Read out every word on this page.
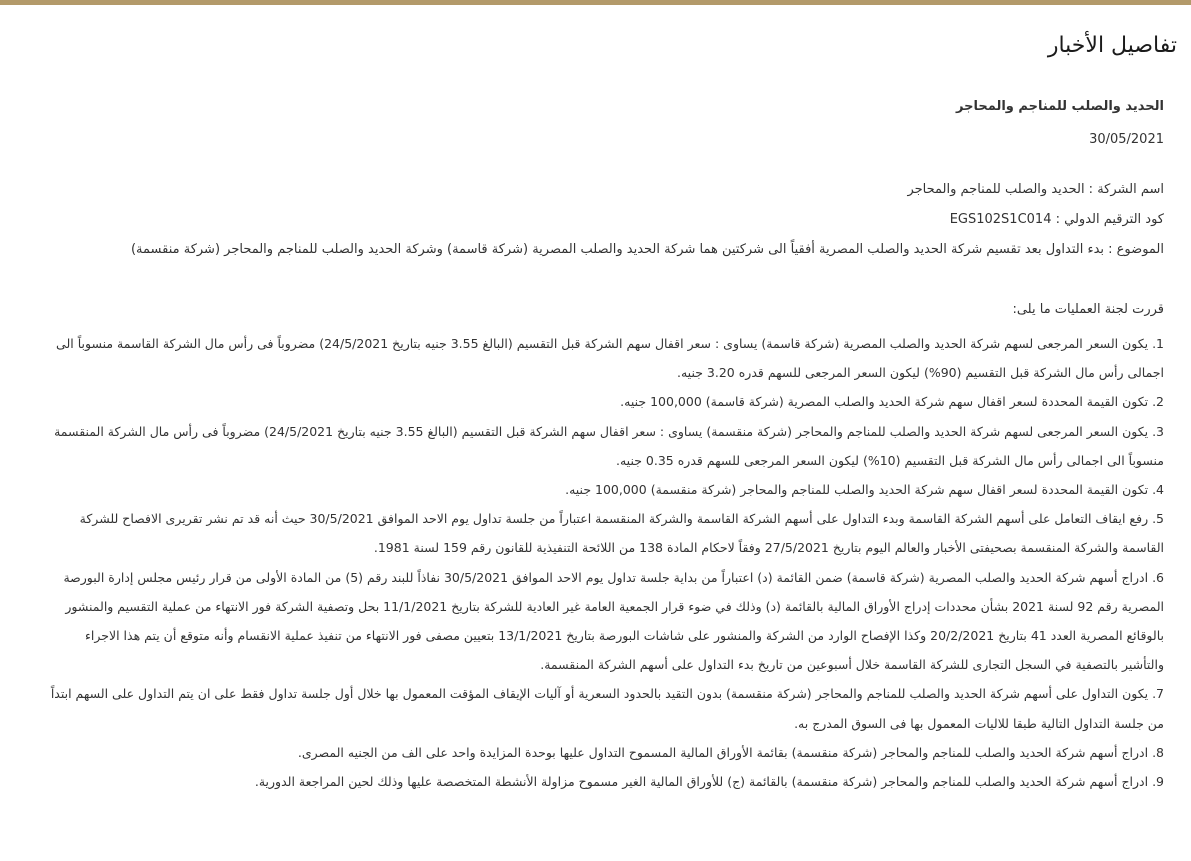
تفاصيل الأخبار
الحديد والصلب للمناجم والمحاجر
30/05/2021
اسم الشركة : الحديد والصلب للمناجم والمحاجر
كود الترقيم الدولي : EGS102S1C014
الموضوع : بدء التداول بعد تقسيم شركة الحديد والصلب المصرية أفقياً الى شركتين هما شركة الحديد والصلب المصرية (شركة قاسمة) وشركة الحديد والصلب للمناجم والمحاجر (شركة منقسمة)
قررت لجنة العمليات ما يلى:
1. يكون السعر المرجعى لسهم شركة الحديد والصلب المصرية (شركة قاسمة) يساوى : سعر اقفال سهم الشركة قبل التقسيم (البالغ 3.55 جنيه بتاريخ 24/5/2021) مضروباً فى رأس مال الشركة القاسمة منسوباً الى اجمالى رأس مال الشركة قبل التقسيم (90%) ليكون السعر المرجعى للسهم قدره 3.20 جنيه.
2. تكون القيمة المحددة لسعر اقفال سهم شركة الحديد والصلب المصرية (شركة قاسمة) 100,000 جنيه.
3. يكون السعر المرجعى لسهم شركة الحديد والصلب للمناجم والمحاجر (شركة منقسمة) يساوى : سعر اقفال سهم الشركة قبل التقسيم (البالغ 3.55 جنيه بتاريخ 24/5/2021) مضروباً فى رأس مال الشركة المنقسمة منسوباً الى اجمالى رأس مال الشركة قبل التقسيم (10%) ليكون السعر المرجعى للسهم قدره 0.35 جنيه.
4. تكون القيمة المحددة لسعر اقفال سهم شركة الحديد والصلب للمناجم والمحاجر (شركة منقسمة) 100,000 جنيه.
5. رفع ايقاف التعامل على أسهم الشركة القاسمة وبدء التداول على أسهم الشركة القاسمة والشركة المنقسمة اعتباراً من جلسة تداول يوم الاحد الموافق 30/5/2021 حيث أنه قد تم نشر تقريرى الافصاح للشركة القاسمة والشركة المنقسمة بصحيفتى الأخبار والعالم اليوم بتاريخ 27/5/2021 وفقاً لاحكام المادة 138 من اللائحة التنفيذية للقانون رقم 159 لسنة 1981.
6. ادراج أسهم شركة الحديد والصلب المصرية (شركة قاسمة) ضمن القائمة (د) اعتباراً من بداية جلسة تداول يوم الاحد الموافق 30/5/2021 نفاذاً للبند رقم (5) من المادة الأولى من قرار رئيس مجلس إدارة البورصة المصرية رقم 92 لسنة 2021 بشأن محددات إدراج الأوراق المالية بالقائمة (د) وذلك في ضوء قرار الجمعية العامة غير العادية للشركة بتاريخ 11/1/2021 بحل وتصفية الشركة فور الانتهاء من عملية التقسيم والمنشور بالوقائع المصرية العدد 41 بتاريخ 20/2/2021 وكذا الإفصاح الوارد من الشركة والمنشور على شاشات البورصة بتاريخ 13/1/2021 بتعيين مصفى فور الانتهاء من تنفيذ عملية الانقسام وأنه متوقع أن يتم هذا الاجراء والتأشير بالتصفية في السجل التجارى للشركة القاسمة خلال أسبوعين من تاريخ بدء التداول على أسهم الشركة المنقسمة.
7. يكون التداول على أسهم شركة الحديد والصلب للمناجم والمحاجر (شركة منقسمة) بدون التقيد بالحدود السعرية أو آليات الإيقاف المؤقت المعمول بها خلال أول جلسة تداول فقط على ان يتم التداول على السهم ابتداً من جلسة التداول التالية طبقا للاليات المعمول بها فى السوق المدرج به.
8. ادراج أسهم شركة الحديد والصلب للمناجم والمحاجر (شركة منقسمة) بقائمة الأوراق المالية المسموح التداول عليها بوحدة المزايدة واحد على الف من الجنيه المصرى.
9. ادراج أسهم شركة الحديد والصلب للمناجم والمحاجر (شركة منقسمة) بالقائمة (ج) للأوراق المالية الغير مسموح مزاولة الأنشطة المتخصصة عليها وذلك لحين المراجعة الدورية.
